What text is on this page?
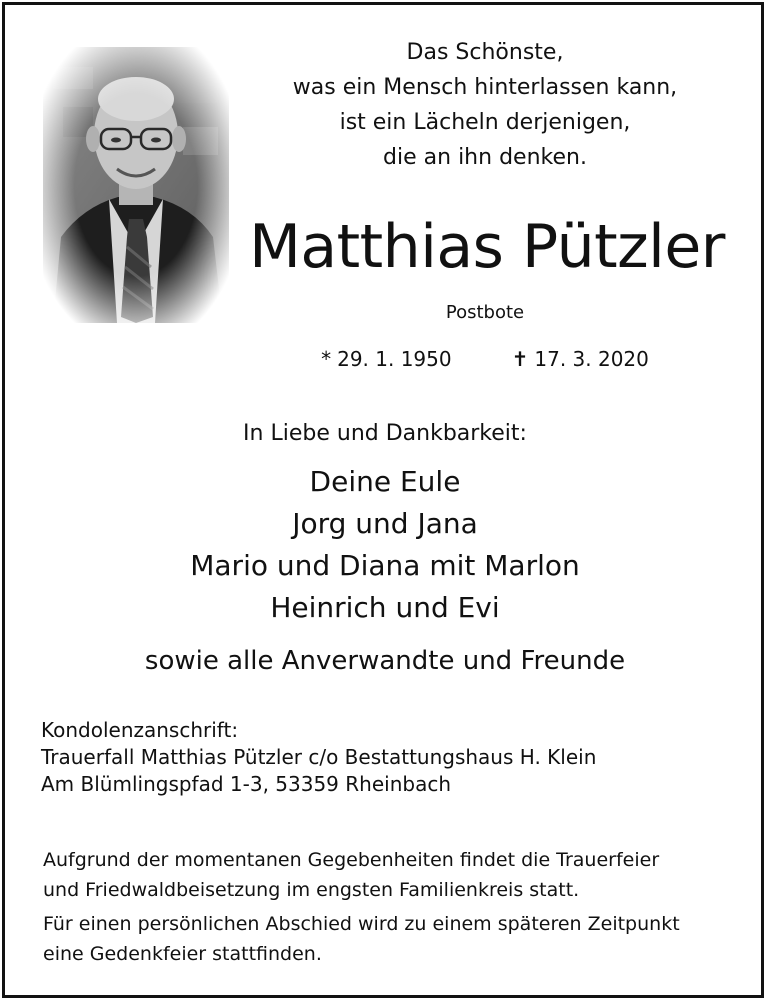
Das Schönste,
was ein Mensch hinterlassen kann,
ist ein Lächeln derjenigen,
die an ihn denken.
Matthias Pützler
Postbote
* 29. 1. 1950	✝ 17. 3. 2020
In Liebe und Dankbarkeit:
Deine Eule
Jorg und Jana
Mario und Diana mit Marlon
Heinrich und Evi
sowie alle Anverwandte und Freunde
Kondolenzanschrift:
Trauerfall Matthias Pützler c/o Bestattungshaus H. Klein
Am Blümlingspfad 1-3, 53359 Rheinbach

Aufgrund der momentanen Gegebenheiten findet die Trauerfeier
und Friedwaldbeisetzung im engsten Familienkreis statt.

Für einen persönlichen Abschied wird zu einem späteren Zeitpunkt
eine Gedenkfeier stattfinden.
